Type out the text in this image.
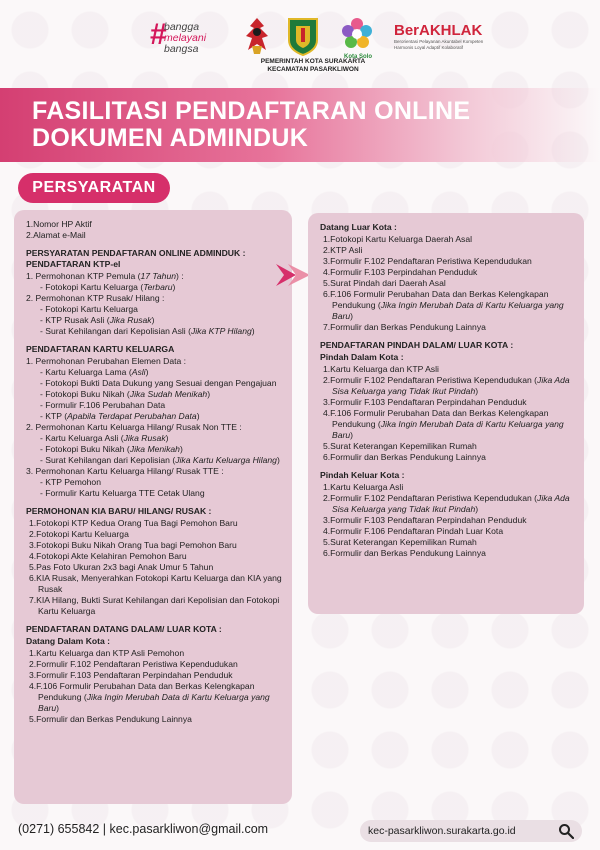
#
bangga
melayani
bangsa
Kota Solo
PEMERINTAH KOTA SURAKARTA
KECAMATAN PASARKLIWON
BerAKHLAK
Berorientasi Pelayanan Akuntabel Kompeten Harmonis Loyal Adaptif Kolaboratif
FASILITASI PENDAFTARAN ONLINE
DOKUMEN ADMINDUK
PERSYARATAN
1.Nomor HP Aktif
2.Alamat e-Mail
PERSYARATAN PENDAFTARAN ONLINE ADMINDUK :
PENDAFTARAN KTP-el
1. Permohonan KTP Pemula (17 Tahun) :
- Fotokopi Kartu Keluarga (Terbaru)
2. Permohonan KTP Rusak/ Hilang :
- Fotokopi Kartu Keluarga
- KTP Rusak Asli (Jika Rusak)
- Surat Kehilangan dari Kepolisian Asli (Jika KTP Hilang)
PENDAFTARAN KARTU KELUARGA
1. Permohonan Perubahan Elemen Data :
- Kartu Keluarga Lama (Asli)
- Fotokopi Bukti Data Dukung yang Sesuai dengan Pengajuan
- Fotokopi Buku Nikah (Jika Sudah Menikah)
- Formulir F.106 Perubahan Data
- KTP (Apabila Terdapat Perubahan Data)
2. Permohonan Kartu Keluarga Hilang/ Rusak Non TTE :
- Kartu Keluarga Asli (Jika Rusak)
- Fotokopi Buku Nikah (Jika Menikah)
- Surat Kehilangan dari Kepolisian (Jika Kartu Keluarga Hilang)
3. Permohonan Kartu Keluarga Hilang/ Rusak TTE :
- KTP Pemohon
- Formulir Kartu Keluarga TTE Cetak Ulang
PERMOHONAN KIA BARU/ HILANG/ RUSAK :
1.Fotokopi KTP Kedua Orang Tua Bagi Pemohon Baru
2.Fotokopi Kartu Keluarga
3.Fotokopi Buku Nikah Orang Tua bagi Pemohon Baru
4.Fotokopi Akte Kelahiran Pemohon Baru
5.Pas Foto Ukuran 2x3 bagi Anak Umur 5 Tahun
6.KIA Rusak, Menyerahkan Fotokopi Kartu Keluarga dan KIA yang Rusak
7.KIA Hilang, Bukti Surat Kehilangan dari Kepolisian dan Fotokopi Kartu Keluarga
PENDAFTARAN DATANG DALAM/ LUAR KOTA :
Datang Dalam Kota :
1.Kartu Keluarga dan KTP Asli Pemohon
2.Formulir F.102 Pendaftaran Peristiwa Kependudukan
3.Formulir F.103 Pendaftaran Perpindahan Penduduk
4.F.106 Formulir Perubahan Data dan Berkas Kelengkapan Pendukung (Jika Ingin Merubah Data di Kartu Keluarga yang Baru)
5.Formulir dan Berkas Pendukung Lainnya
Datang Luar Kota :
1.Fotokopi Kartu Keluarga Daerah Asal
2.KTP Asli
3.Formulir F.102 Pendaftaran Peristiwa Kependudukan
4.Formulir F.103 Perpindahan Penduduk
5.Surat Pindah dari Daerah Asal
6.F.106 Formulir Perubahan Data dan Berkas Kelengkapan Pendukung (Jika Ingin Merubah Data di Kartu Keluarga yang Baru)
7.Formulir dan Berkas Pendukung Lainnya
PENDAFTARAN PINDAH DALAM/ LUAR KOTA :
Pindah Dalam Kota :
1.Kartu Keluarga dan KTP Asli
2.Formulir F.102 Pendaftaran Peristiwa Kependudukan (Jika Ada Sisa Keluarga yang Tidak Ikut Pindah)
3.Formulir F.103 Pendaftaran Perpindahan Penduduk
4.F.106 Formulir Perubahan Data dan Berkas Kelengkapan Pendukung (Jika Ingin Merubah Data di Kartu Keluarga yang Baru)
5.Surat Keterangan Kepemilikan Rumah
6.Formulir dan Berkas Pendukung Lainnya
Pindah Keluar Kota :
1.Kartu Keluarga Asli
2.Formulir F.102 Pendaftaran Peristiwa Kependudukan (Jika Ada Sisa Keluarga yang Tidak Ikut Pindah)
3.Formulir F.103 Pendaftaran Perpindahan Penduduk
4.Formulir F.106 Pendaftaran Pindah Luar Kota
5.Surat Keterangan Kepemilikan Rumah
6.Formulir dan Berkas Pendukung Lainnya
(0271) 655842 | kec.pasarkliwon@gmail.com	kec-pasarkliwon.surakarta.go.id
